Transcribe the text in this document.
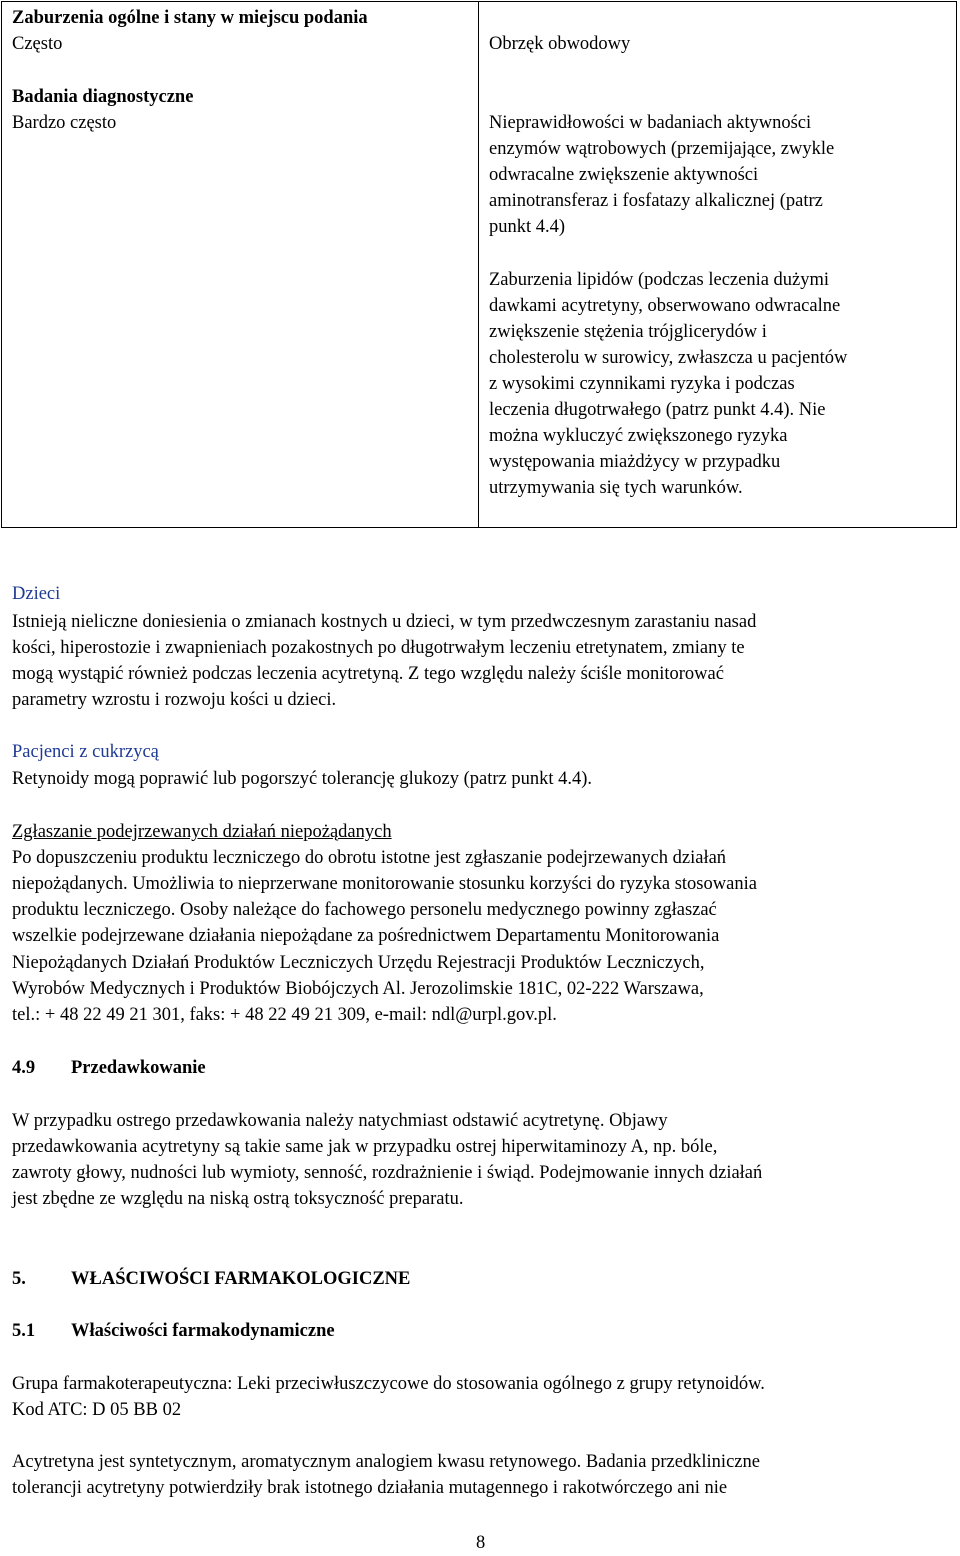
Zaburzenia ogólne i stany w miejscu podania
Często	Obrzęk obwodowy
Badania diagnostyczne
Bardzo często	Nieprawidłowości w badaniach aktywności
enzymów wątrobowych (przemijające, zwykle
odwracalne zwiększenie aktywności
aminotransferaz i fosfatazy alkalicznej (patrz
punkt 4.4)
Zaburzenia lipidów (podczas leczenia dużymi
dawkami acytretyny, obserwowano odwracalne
zwiększenie stężenia trójglicerydów i
cholesterolu w surowicy, zwłaszcza u pacjentów
z wysokimi czynnikami ryzyka i podczas
leczenia długotrwałego (patrz punkt 4.4). Nie
można wykluczyć zwiększonego ryzyka
występowania miażdżycy w przypadku
utrzymywania się tych warunków.
Dzieci
Istnieją nieliczne doniesienia o zmianach kostnych u dzieci, w tym przedwczesnym zarastaniu nasad
kości, hiperostozie i zwapnieniach pozakostnych po długotrwałym leczeniu etretynatem, zmiany te
mogą wystąpić również podczas leczenia acytretyną. Z tego względu należy ściśle monitorować
parametry wzrostu i rozwoju kości u dzieci.
Pacjenci z cukrzycą
Retynoidy mogą poprawić lub pogorszyć tolerancję glukozy (patrz punkt 4.4).
Zgłaszanie podejrzewanych działań niepożądanych
Po dopuszczeniu produktu leczniczego do obrotu istotne jest zgłaszanie podejrzewanych działań
niepożądanych. Umożliwia to nieprzerwane monitorowanie stosunku korzyści do ryzyka stosowania
produktu leczniczego. Osoby należące do fachowego personelu medycznego powinny zgłaszać
wszelkie podejrzewane działania niepożądane za pośrednictwem Departamentu Monitorowania
Niepożądanych Działań Produktów Leczniczych Urzędu Rejestracji Produktów Leczniczych,
Wyrobów Medycznych i Produktów Biobójczych Al. Jerozolimskie 181C, 02-222 Warszawa,
tel.: + 48 22 49 21 301, faks: + 48 22 49 21 309, e-mail: ndl@urpl.gov.pl.
4.9 Przedawkowanie
W przypadku ostrego przedawkowania należy natychmiast odstawić acytretynę. Objawy
przedawkowania acytretyny są takie same jak w przypadku ostrej hiperwitaminozy A, np. bóle,
zawroty głowy, nudności lub wymioty, senność, rozdrażnienie i świąd. Podejmowanie innych działań
jest zbędne ze względu na niską ostrą toksyczność preparatu.
5. WŁAŚCIWOŚCI FARMAKOLOGICZNE
5.1 Właściwości farmakodynamiczne
Grupa farmakoterapeutyczna: Leki przeciwłuszczycowe do stosowania ogólnego z grupy retynoidów.
Kod ATC: D 05 BB 02
Acytretyna jest syntetycznym, aromatycznym analogiem kwasu retynowego. Badania przedkliniczne
tolerancji acytretyny potwierdziły brak istotnego działania mutagennego i rakotwórczego ani nie
8
